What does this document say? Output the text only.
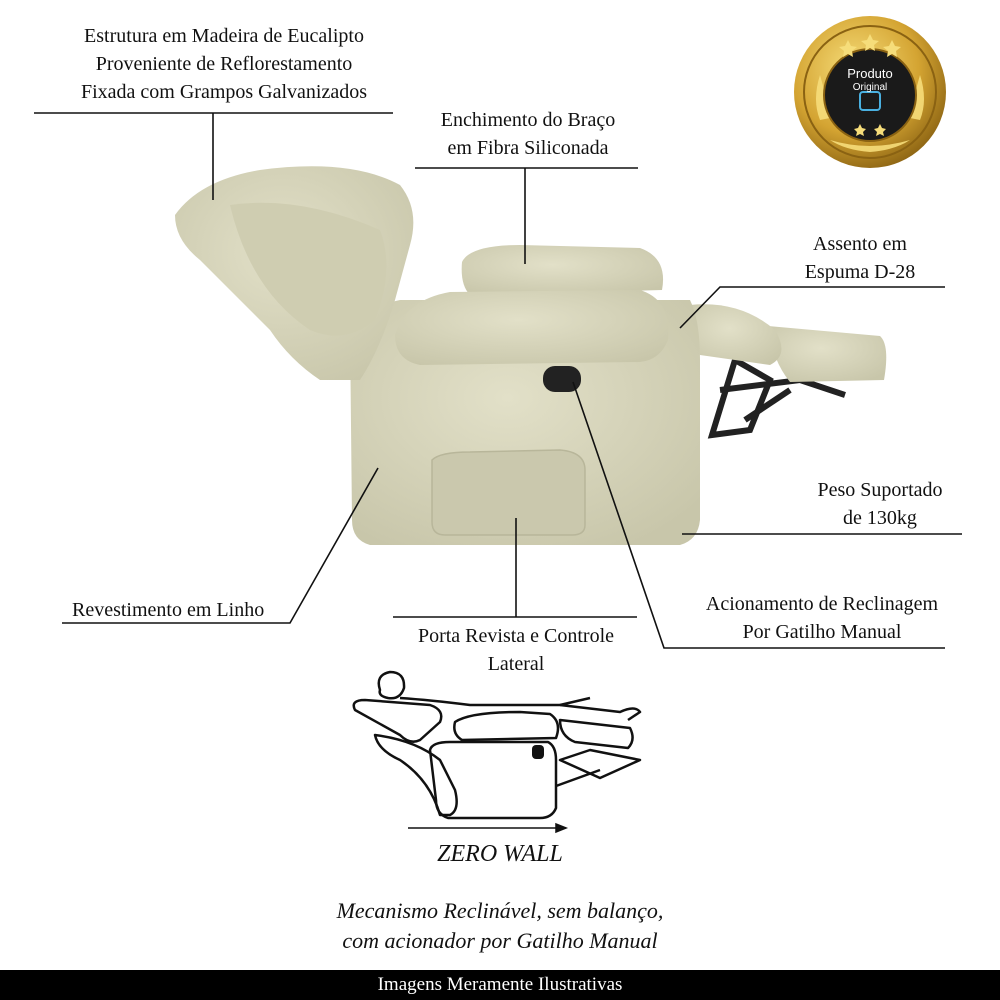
Produto
Original
Estrutura em Madeira de Eucalipto
Proveniente de Reflorestamento
Fixada com Grampos Galvanizados
Enchimento do Braço
em Fibra Siliconada
Assento em
Espuma D-28
Peso Suportado
de 130kg
Revestimento em Linho
Porta Revista e Controle
Lateral
Acionamento de Reclinagem
Por Gatilho Manual
ZERO WALL
Mecanismo Reclinável, sem balanço,
com acionador por Gatilho Manual
Imagens Meramente Ilustrativas
